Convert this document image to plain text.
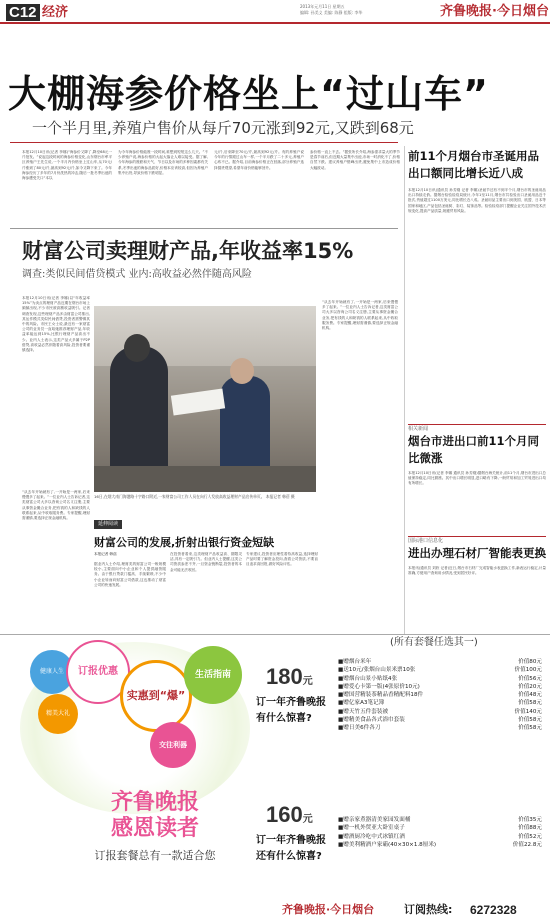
C12 经济	2013年元月11日 星期五
编辑: 孙美义 美编: 陈静 组版: 李华	齐鲁晚报·今日烟台
大棚海参价格坐上“过山车”
一个半月里,养殖户售价从每斤70元涨到92元,又跌到68元
本报12月10日讯(记者 李娜)“海参价又降了,降至68元一斤批发。”说起这段时间的海参价格变化,山东烟台市牟平区养殖户王先生说,一个半月内价格坐上过山车,从70元/斤涨到了80元/斤,最高到92元/斤,如今又降下来了。今年海参经历了多年的7月份洗热的冲击,随后一批冬季出池的海参遭受关口“本以
为今年海参价格能涨一段时间,谁想到短短这么几天。”不少养殖户说,海参价格的大起大落让人难以接受。据了解,今年海参的涨跌和天气、节日以及市场的多种因素都有关系,冬季出池的海参品质好,价格本应该较高,但因为养殖户集中出货,导致价格下跌明显。
元/斤,后来降至70元/斤,最高到92元/斤。有的养殖户说今年的行情跟过山车一样,一个半月跌了二十多元,养殖户心疼不已。据介绍,目前海参价格正在回落,部分养殖户选择囤货观望,希望年前价格能够回升。
参价格一直上不去。”据张所长介绍,海参需求量大的季节是春节前后,但近期大量集中出池,市场一时消化不了,价格自然下跌。建议养殖户错峰出货,避免集中上市造成价格大幅波动。
前11个月烟台市圣诞用品出口额同比增长近八成
本报12月10日讯(通讯员 孙芳刚 记者 李娜)圣诞节还有不到半个月,烟台市的圣诞用品出口持续走俏。据烟台检验检疫局统计,今年1至11月,烟台市共检验出口圣诞用品近千批次,货值超过1100万美元,同比增长近八成。圣诞用品主要出口到美国、欧盟、日本等国家和地区,产品包括圣诞树、彩灯、装饰品等。检验检疫部门提醒企业关注国外技术法规变化,提高产品质量,规避贸易风险。
相关新闻
烟台市进出口前11个月同比微涨
本报12月10日讯(记者 李娜 通讯员 孙芳刚)据烟台海关统计,前11个月,烟台市进出口总值保持稳定,同比微涨。其中出口增长明显,进口略有下降,一般贸易和加工贸易进出口均有所增长。
国际港口信息化
进出办理石材厂智能表更换
本报讯(通讯员 刘欣 记者)近日,烟台市石材厂完成智能水表更换工作,新表运行稳定,计量准确,方便用户查询用水情况,受到居民好评。
财富公司卖理财产品,年收益率15%
调查:类似民间借贷模式 业内:高收益必然伴随高风险
本报12月10日讯(记者 李娜)以“年收益率15%”为卖点的理财产品近期在烟台市场上频频出现,不少市民被高额收益吸引。记者调查发现,这些理财产品多由财富公司推出,其运作模式类似民间借贷,投资者需警惕其中的风险。市民王女士说,最近有一家财富公司的业务员一直给她推荐理财产品,年收益率能达到15%,比银行理财产品高出不少。业内人士表示,这类产品大多属于P2P借贷,高收益必然伴随着高风险,投资者要谨慎选择。
“从去年开始就有了,一开始是一两家,后来慢慢多了起来。”一位业内人士告诉记者,这类财富公司大多以咨询公司名义注册,主要从事资金撮合业务,把有钱的人和缺钱的人联系起来,从中收取服务费。专家提醒,理财需谨慎,要选择正规金融机构。
16日,在烟大南门海港路十字路口附近,一家财富公司工作人员在向行人发放高收益理财产品宣传单页。 本报记者 韩蓓 摄
延伸阅读
财富公司的发展,折射出银行资金短缺
本报记者 韩蓓
据业内人士介绍,理财类的财富公司一般规模较小,主要面向中小企业和个人提供融资服务。由于银行贷款门槛高、手续繁琐,不少中小企业转而向财富公司借款,这也推动了财富公司的快速发展。
在投资者看来,这类理财产品收益高、期限灵活,具有一定吸引力。但业内人士提醒,这类公司资质参差不齐,一旦资金链断裂,投资者的本金可能无法收回。
专家建议,投资者应理性看待高收益,选择理财产品时要了解资金投向,查看公司资质,不要盲目追求高回报,做好风险评估。
“从去年开始就有了,一开始是一两家,后来慢慢多了起来。”一位业内人士告诉记者,这类财富公司大多以咨询公司名义注册,主要从事资金撮合业务,把有钱的人和缺钱的人联系起来,从中收取服务费。专家提醒,理财需谨慎,要选择正规金融机构。
(所有套餐任选其一)
健康人生	订报优惠
实惠到“爆”
生活指南
精美大礼
交往利器
齐鲁晚报
感恩读者
订报套餐总有一款适合您
180元
订一年齐鲁晚报
有什么惊喜?
■赠烟台米年	价值80元
■送10元/张烟台山景米票10张	价值100元
■赠烟台山景小贴纸4张	价值56元
■赠爱心卡第一版(4张原价10元)	价值20元
■赠国营精装茶精品香精配料18件	价值48元
■赠亿家A3笔记簿	价值58元
■赠天竹五件套装被	价值140元
■赠精美食品各式浴巾套装	价值58元
■赠日美6件各刀	价值58元
160元
订一年齐鲁晚报
还有什么惊喜?
■赠亲家煮器清美家园发面桶	价值35元
■赠一机外贸亚大卧室桌子	价值88元
■赠酒厨冷吃中式冰镇红酒	价值52元
■赠美利精酒户家霸(40×30×1.8厘米)	价值22.8元
齐鲁晚报·今日烟台	订阅热线: 6272328
